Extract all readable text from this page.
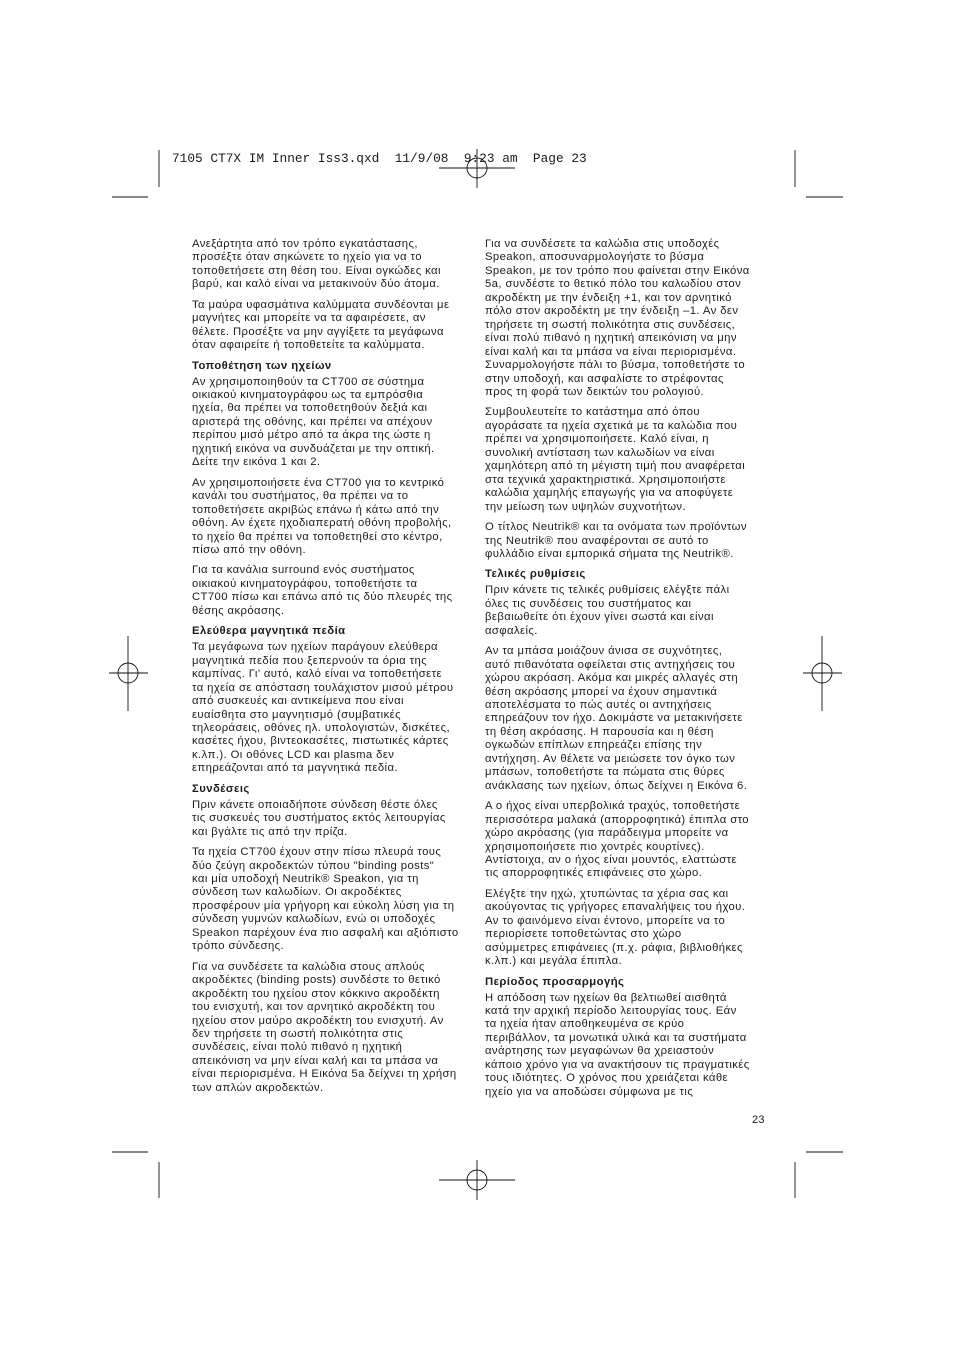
7105 CT7X IM Inner Iss3.qxd  11/9/08  9:23 am  Page 23

Ανεξάρτητα από τον τρόπο εγκατάστασης,
προσέξτε όταν σηκώνετε το ηχείο για να το
τοποθετήσετε στη θέση του. Είναι ογκώδες και
βαρύ, και καλό είναι να μετακινούν δύο άτομα.

Τα μαύρα υφασμάτινα καλύμματα συνδέονται με
μαγνήτες και μπορείτε να τα αφαιρέσετε, αν
θέλετε. Προσέξτε να μην αγγίξετε τα μεγάφωνα
όταν αφαιρείτε ή τοποθετείτε τα καλύμματα.

Τοποθέτηση των ηχείων

Αν χρησιμοποιηθούν τα CT700 σε σύστημα
οικιακού κινηματογράφου ως τα εμπρόσθια
ηχεία, θα πρέπει να τοποθετηθούν δεξιά και
αριστερά της οθόνης, και πρέπει να απέχουν
περίπου μισό μέτρο από τα άκρα της ώστε η
ηχητική εικόνα να συνδυάζεται με την οπτική.
Δείτε την εικόνα 1 και 2.

Αν χρησιμοποιήσετε ένα CT700 για το κεντρικό
κανάλι του συστήματος, θα πρέπει να το
τοποθετήσετε ακριβώς επάνω ή κάτω από την
οθόνη. Αν έχετε ηχοδιαπερατή οθόνη προβολής,
το ηχείο θα πρέπει να τοποθετηθεί στο κέντρο,
πίσω από την οθόνη.

Για τα κανάλια surround ενός συστήματος
οικιακού κινηματογράφου, τοποθετήστε τα
CT700 πίσω και επάνω από τις δύο πλευρές της
θέσης ακρόασης.

Ελεύθερα μαγνητικά πεδία

Τα μεγάφωνα των ηχείων παράγουν ελεύθερα
μαγνητικά πεδία που ξεπερνούν τα όρια της
καμπίνας. Γι’ αυτό, καλό είναι να τοποθετήσετε
τα ηχεία σε απόσταση τουλάχιστον μισού μέτρου
από συσκευές και αντικείμενα που είναι
ευαίσθητα στο μαγνητισμό (συμβατικές
τηλεοράσεις, οθόνες ηλ. υπολογιστών, δισκέτες,
κασέτες ήχου, βιντεοκασέτες, πιστωτικές κάρτες
κ.λπ.). Οι οθόνες LCD και plasma δεν
επηρεάζονται από τα μαγνητικά πεδία.

Συνδέσεις

Πριν κάνετε οποιαδήποτε σύνδεση θέστε όλες
τις συσκευές του συστήματος εκτός λειτουργίας
και βγάλτε τις από την πρίζα.

Τα ηχεία CT700 έχουν στην πίσω πλευρά τους
δύο ζεύγη ακροδεκτών τύπου "binding posts"
και μία υποδοχή Neutrik® Speakon, για τη
σύνδεση των καλωδίων. Οι ακροδέκτες
προσφέρουν μία γρήγορη και εύκολη λύση για τη
σύνδεση γυμνών καλωδίων, ενώ οι υποδοχές
Speakon παρέχουν ένα πιο ασφαλή και αξιόπιστο
τρόπο σύνδεσης.

Για να συνδέσετε τα καλώδια στους απλούς
ακροδέκτες (binding posts) συνδέστε το θετικό
ακροδέκτη του ηχείου στον κόκκινο ακροδέκτη
του ενισχυτή, και τον αρνητικό ακροδέκτη του
ηχείου στον μαύρο ακροδέκτη του ενισχυτή. Αν
δεν τηρήσετε τη σωστή πολικότητα στις
συνδέσεις, είναι πολύ πιθανό η ηχητική
απεικόνιση να μην είναι καλή και τα μπάσα να
είναι περιορισμένα. Η Εικόνα 5a δείχνει τη χρήση
των απλών ακροδεκτών.

Για να συνδέσετε τα καλώδια στις υποδοχές
Speakon, αποσυναρμολογήστε το βύσμα
Speakon, με τον τρόπο που φαίνεται στην Εικόνα
5a, συνδέστε το θετικό πόλο του καλωδίου στον
ακροδέκτη με την ένδειξη +1, και τον αρνητικό
πόλο στον ακροδέκτη με την ένδειξη –1. Αν δεν
τηρήσετε τη σωστή πολικότητα στις συνδέσεις,
είναι πολύ πιθανό η ηχητική απεικόνιση να μην
είναι καλή και τα μπάσα να είναι περιορισμένα.
Συναρμολογήστε πάλι το βύσμα, τοποθετήστε το
στην υποδοχή, και ασφαλίστε το στρέφοντας
προς τη φορά των δεικτών του ρολογιού.

Συμβουλευτείτε το κατάστημα από όπου
αγοράσατε τα ηχεία σχετικά με τα καλώδια που
πρέπει να χρησιμοποιήσετε. Καλό είναι, η
συνολική αντίσταση των καλωδίων να είναι
χαμηλότερη από τη μέγιστη τιμή που αναφέρεται
στα τεχνικά χαρακτηριστικά. Χρησιμοποιήστε
καλώδια χαμηλής επαγωγής για να αποφύγετε
την μείωση των υψηλών συχνοτήτων.

Ο τίτλος Neutrik® και τα ονόματα των προϊόντων
της Neutrik® που αναφέρονται σε αυτό το
φυλλάδιο είναι εμπορικά σήματα της Neutrik®.

Τελικές ρυθμίσεις

Πριν κάνετε τις τελικές ρυθμίσεις ελέγξτε πάλι
όλες τις συνδέσεις του συστήματος και
βεβαιωθείτε ότι έχουν γίνει σωστά και είναι
ασφαλείς.

Αν τα μπάσα μοιάζουν άνισα σε συχνότητες,
αυτό πιθανότατα οφείλεται στις αντηχήσεις του
χώρου ακρόαση. Ακόμα και μικρές αλλαγές στη
θέση ακρόασης μπορεί να έχουν σημαντικά
αποτελέσματα το πώς αυτές οι αντηχήσεις
επηρεάζουν τον ήχο. Δοκιμάστε να μετακινήσετε
τη θέση ακρόασης. Η παρουσία και η θέση
ογκωδών επίπλων επηρεάζει επίσης την
αντήχηση. Αν θέλετε να μειώσετε τον όγκο των
μπάσων, τοποθετήστε τα πώματα στις θύρες
ανάκλασης των ηχείων, όπως δείχνει η Εικόνα 6.

Α ο ήχος είναι υπερβολικά τραχύς, τοποθετήστε
περισσότερα μαλακά (απορροφητικά) έπιπλα στο
χώρο ακρόασης (για παράδειγμα μπορείτε να
χρησιμοποιήσετε πιο χοντρές κουρτίνες).
Αντίστοιχα, αν ο ήχος είναι μουντός, ελαττώστε
τις απορροφητικές επιφάνειες στο χώρο.

Ελέγξτε την ηχώ, χτυπώντας τα χέρια σας και
ακούγοντας τις γρήγορες επαναλήψεις του ήχου.
Αν το φαινόμενο είναι έντονο, μπορείτε να το
περιορίσετε τοποθετώντας στο χώρο
ασύμμετρες επιφάνειες (π.χ. ράφια, βιβλιοθήκες
κ.λπ.) και μεγάλα έπιπλα.

Περίοδος προσαρμογής

Η απόδοση των ηχείων θα βελτιωθεί αισθητά
κατά την αρχική περίοδο λειτουργίας τους. Εάν
τα ηχεία ήταν αποθηκευμένα σε κρύο
περιβάλλον, τα μονωτικά υλικά και τα συστήματα
ανάρτησης των μεγαφώνων θα χρειαστούν
κάποιο χρόνο για να ανακτήσουν τις πραγματικές
τους ιδιότητες. Ο χρόνος που χρειάζεται κάθε
ηχείο για να αποδώσει σύμφωνα με τις

23
